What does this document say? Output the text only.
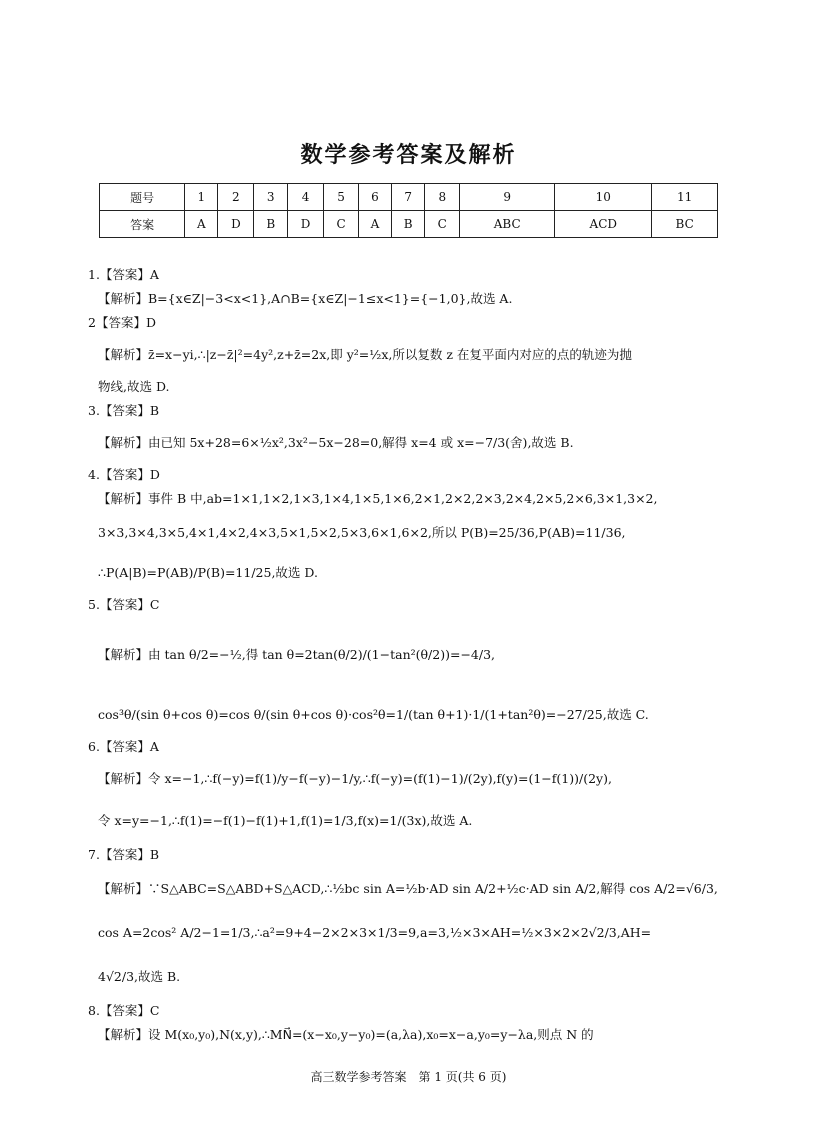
数学参考答案及解析
题号	1	2	3	4	5	6	7	8	9	10	11
答案	A	D	B	D	C	A	B	C	ABC	ACD	BC
1.【答案】A
【解析】B={x∈Z|−3<x<1},A∩B={x∈Z|−1≤x<1}={−1,0},故选 A.
2【答案】D
【解析】z̄=x−yi,∴|z−z̄|²=4y²,z+z̄=2x,即 y²=½x,所以复数 z 在复平面内对应的点的轨迹为抛
物线,故选 D.
3.【答案】B
【解析】由已知 5x+28=6×½x²,3x²−5x−28=0,解得 x=4 或 x=−7/3(舍),故选 B.
4.【答案】D
【解析】事件 B 中,ab=1×1,1×2,1×3,1×4,1×5,1×6,2×1,2×2,2×3,2×4,2×5,2×6,3×1,3×2,
3×3,3×4,3×5,4×1,4×2,4×3,5×1,5×2,5×3,6×1,6×2,所以 P(B)=25/36,P(AB)=11/36,
∴P(A|B)=P(AB)/P(B)=11/25,故选 D.
5.【答案】C
【解析】由 tan θ/2=−½,得 tan θ=2tan(θ/2)/(1−tan²(θ/2))=−4/3,
cos³θ/(sin θ+cos θ)=cos θ/(sin θ+cos θ)·cos²θ=1/(tan θ+1)·1/(1+tan²θ)=−27/25,故选 C.
6.【答案】A
【解析】令 x=−1,∴f(−y)=f(1)/y−f(−y)−1/y,∴f(−y)=(f(1)−1)/(2y),f(y)=(1−f(1))/(2y),
令 x=y=−1,∴f(1)=−f(1)−f(1)+1,f(1)=1/3,f(x)=1/(3x),故选 A.
7.【答案】B
【解析】∵S△ABC=S△ABD+S△ACD,∴½bc sin A=½b·AD sin A/2+½c·AD sin A/2,解得 cos A/2=√6/3,
cos A=2cos² A/2−1=1/3,∴a²=9+4−2×2×3×1/3=9,a=3,½×3×AH=½×3×2×2√2/3,AH=
4√2/3,故选 B.
8.【答案】C
【解析】设 M(x₀,y₀),N(x,y),∴MN⃗=(x−x₀,y−y₀)=(a,λa),x₀=x−a,y₀=y−λa,则点 N 的
高三数学参考答案　第 1 页(共 6 页)
